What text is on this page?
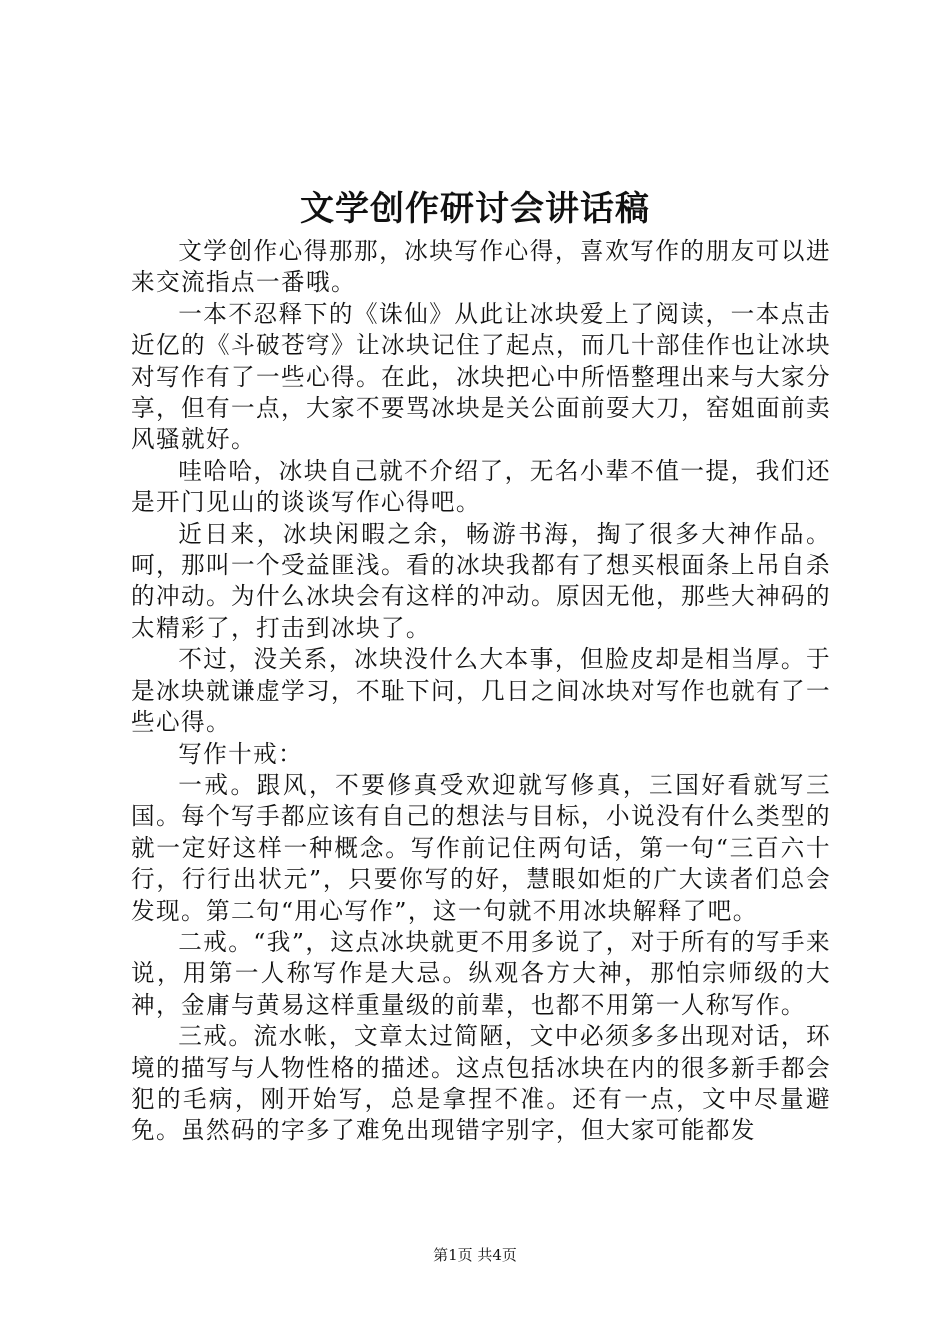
文学创作研讨会讲话稿

文学创作心得那那，冰块写作心得，喜欢写作的朋友可以进来交流指点一番哦。

一本不忍释下的《诛仙》从此让冰块爱上了阅读，一本点击近亿的《斗破苍穹》让冰块记住了起点，而几十部佳作也让冰块对写作有了一些心得。在此，冰块把心中所悟整理出来与大家分享，但有一点，大家不要骂冰块是关公面前耍大刀，窑姐面前卖风骚就好。

哇哈哈，冰块自己就不介绍了，无名小辈不值一提，我们还是开门见山的谈谈写作心得吧。

近日来，冰块闲暇之余，畅游书海，掏了很多大神作品。呵，那叫一个受益匪浅。看的冰块我都有了想买根面条上吊自杀的冲动。为什么冰块会有这样的冲动。原因无他，那些大神码的太精彩了，打击到冰块了。

不过，没关系，冰块没什么大本事，但脸皮却是相当厚。于是冰块就谦虚学习，不耻下问，几日之间冰块对写作也就有了一些心得。

写作十戒：

一戒。跟风，不要修真受欢迎就写修真，三国好看就写三国。每个写手都应该有自己的想法与目标，小说没有什么类型的就一定好这样一种概念。写作前记住两句话，第一句“三百六十行，行行出状元”，只要你写的好，慧眼如炬的广大读者们总会发现。第二句“用心写作”，这一句就不用冰块解释了吧。

二戒。“我”，这点冰块就更不用多说了，对于所有的写手来说，用第一人称写作是大忌。纵观各方大神，那怕宗师级的大神，金庸与黄易这样重量级的前辈，也都不用第一人称写作。

三戒。流水帐，文章太过简陋，文中必须多多出现对话，环境的描写与人物性格的描述。这点包括冰块在内的很多新手都会犯的毛病，刚开始写，总是拿捏不准。还有一点，文中尽量避免。虽然码的字多了难免出现错字别字，但大家可能都发

第1页 共4页
